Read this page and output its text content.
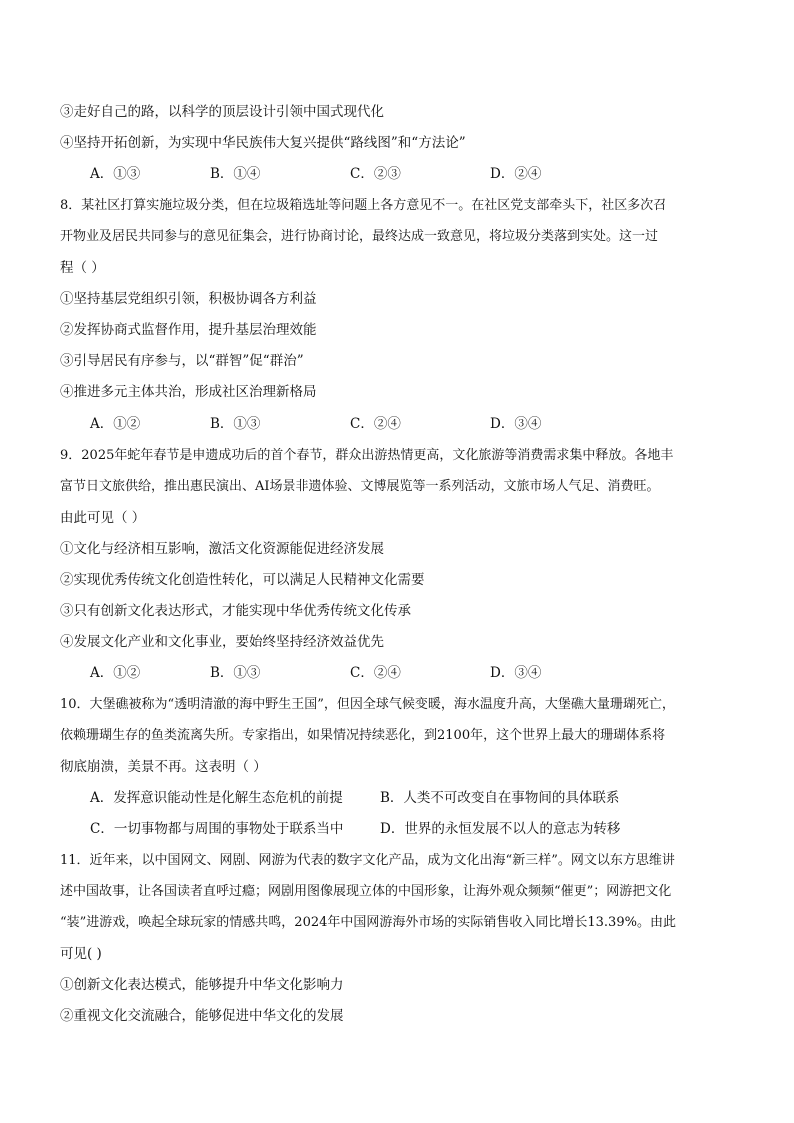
③走好自己的路，以科学的顶层设计引领中国式现代化
④坚持开拓创新，为实现中华民族伟大复兴提供“路线图”和“方法论”
A．①③	B．①④	C．②③	D．②④
8．某社区打算实施垃圾分类，但在垃圾箱选址等问题上各方意见不一。在社区党支部牵头下，社区多次召
开物业及居民共同参与的意见征集会，进行协商讨论，最终达成一致意见，将垃圾分类落到实处。这一过
程（ ）
①坚持基层党组织引领，积极协调各方利益
②发挥协商式监督作用，提升基层治理效能
③引导居民有序参与，以“群智”促“群治”
④推进多元主体共治，形成社区治理新格局
A．①②	B．①③	C．②④	D．③④
9．2025年蛇年春节是申遗成功后的首个春节，群众出游热情更高，文化旅游等消费需求集中释放。各地丰
富节日文旅供给，推出惠民演出、AI场景非遗体验、文博展览等一系列活动，文旅市场人气足、消费旺。
由此可见（ ）
①文化与经济相互影响，激活文化资源能促进经济发展
②实现优秀传统文化创造性转化，可以满足人民精神文化需要
③只有创新文化表达形式，才能实现中华优秀传统文化传承
④发展文化产业和文化事业，要始终坚持经济效益优先
A．①②	B．①③	C．②④	D．③④
10．大堡礁被称为“透明清澈的海中野生王国”，但因全球气候变暖，海水温度升高，大堡礁大量珊瑚死亡，
依赖珊瑚生存的鱼类流离失所。专家指出，如果情况持续恶化，到2100年，这个世界上最大的珊瑚体系将
彻底崩溃，美景不再。这表明（ ）
A．发挥意识能动性是化解生态危机的前提	B．人类不可改变自在事物间的具体联系
C．一切事物都与周围的事物处于联系当中	D．世界的永恒发展不以人的意志为转移
11．近年来，以中国网文、网剧、网游为代表的数字文化产品，成为文化出海“新三样”。网文以东方思维讲
述中国故事，让各国读者直呼过瘾；网剧用图像展现立体的中国形象，让海外观众频频“催更”；网游把文化
“装”进游戏，唤起全球玩家的情感共鸣，2024年中国网游海外市场的实际销售收入同比增长13.39%。由此
可见( )
①创新文化表达模式，能够提升中华文化影响力
②重视文化交流融合，能够促进中华文化的发展
